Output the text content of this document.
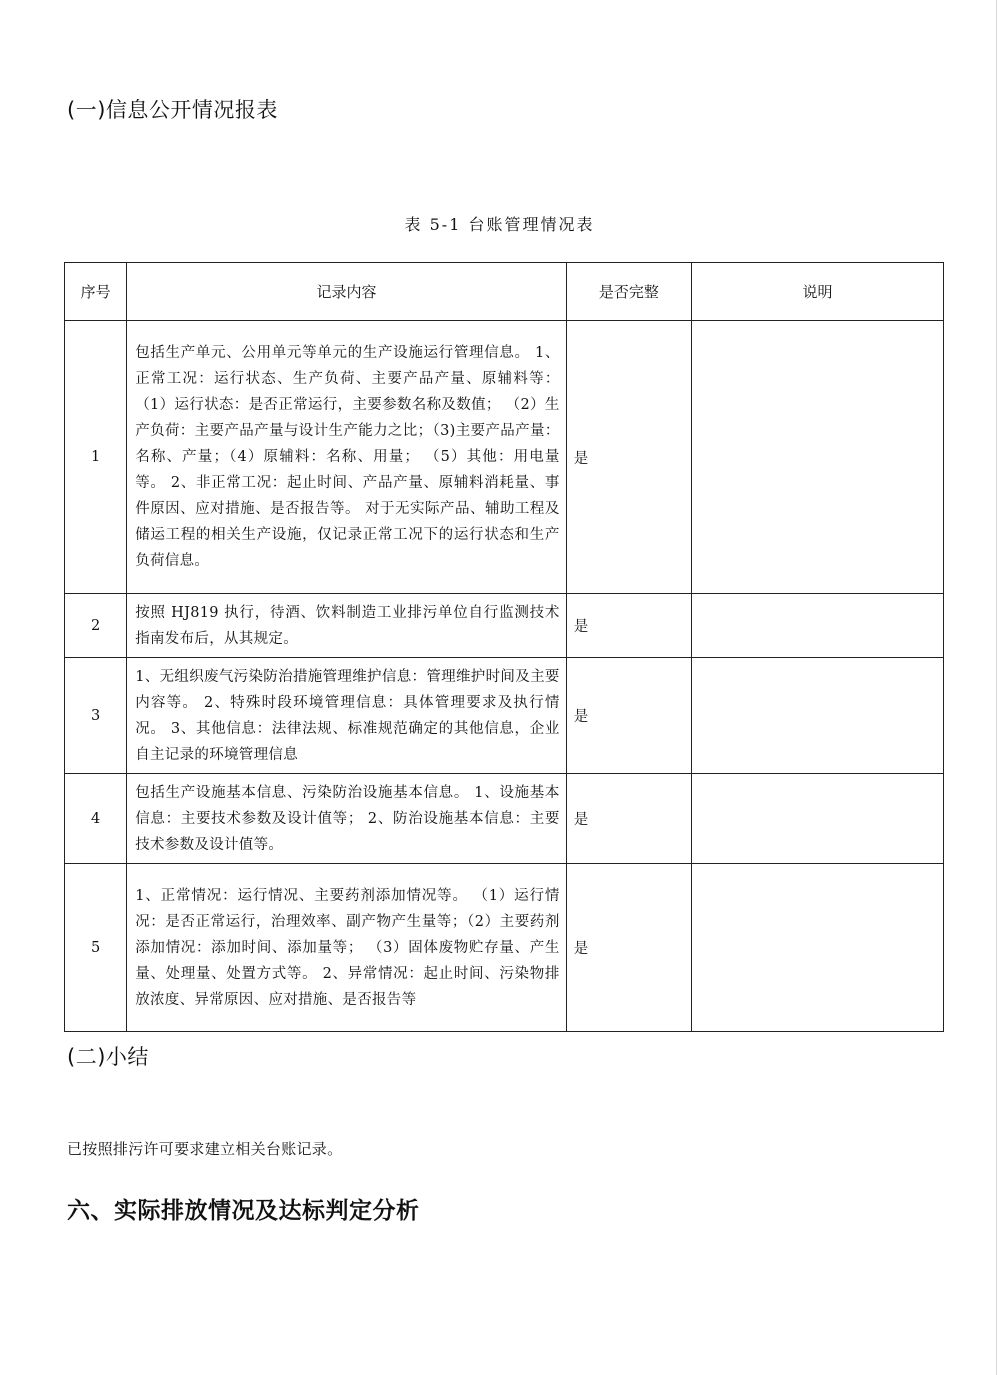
(一)信息公开情况报表
表 5-1 台账管理情况表
序号	记录内容	是否完整	说明
1	包括生产单元、公用单元等单元的生产设施运行管理信息。 1、正常工况：运行状态、生产负荷、主要产品产量、原辅料等： （1）运行状态：是否正常运行，主要参数名称及数值； （2）生产负荷：主要产品产量与设计生产能力之比；（3)主要产品产量：名称、产量；（4）原辅料：名称、用量； （5）其他：用电量等。 2、非正常工况：起止时间、产品产量、原辅料消耗量、事件原因、应对措施、是否报告等。 对于无实际产品、辅助工程及储运工程的相关生产设施，仅记录正常工况下的运行状态和生产负荷信息。	是	
2	按照 HJ819 执行，待酒、饮料制造工业排污单位自行监测技术指南发布后，从其规定。	是	
3	1、无组织废气污染防治措施管理维护信息：管理维护时间及主要内容等。 2、特殊时段环境管理信息：具体管理要求及执行情况。 3、其他信息：法律法规、标准规范确定的其他信息，企业自主记录的环境管理信息	是	
4	包括生产设施基本信息、污染防治设施基本信息。 1、设施基本信息：主要技术参数及设计值等； 2、防治设施基本信息：主要技术参数及设计值等。	是	
5	1、正常情况：运行情况、主要药剂添加情况等。 （1）运行情况：是否正常运行，治理效率、副产物产生量等；（2）主要药剂添加情况：添加时间、添加量等； （3）固体废物贮存量、产生量、处理量、处置方式等。 2、异常情况：起止时间、污染物排放浓度、异常原因、应对措施、是否报告等	是	
(二)小结
已按照排污许可要求建立相关台账记录。
六、实际排放情况及达标判定分析
